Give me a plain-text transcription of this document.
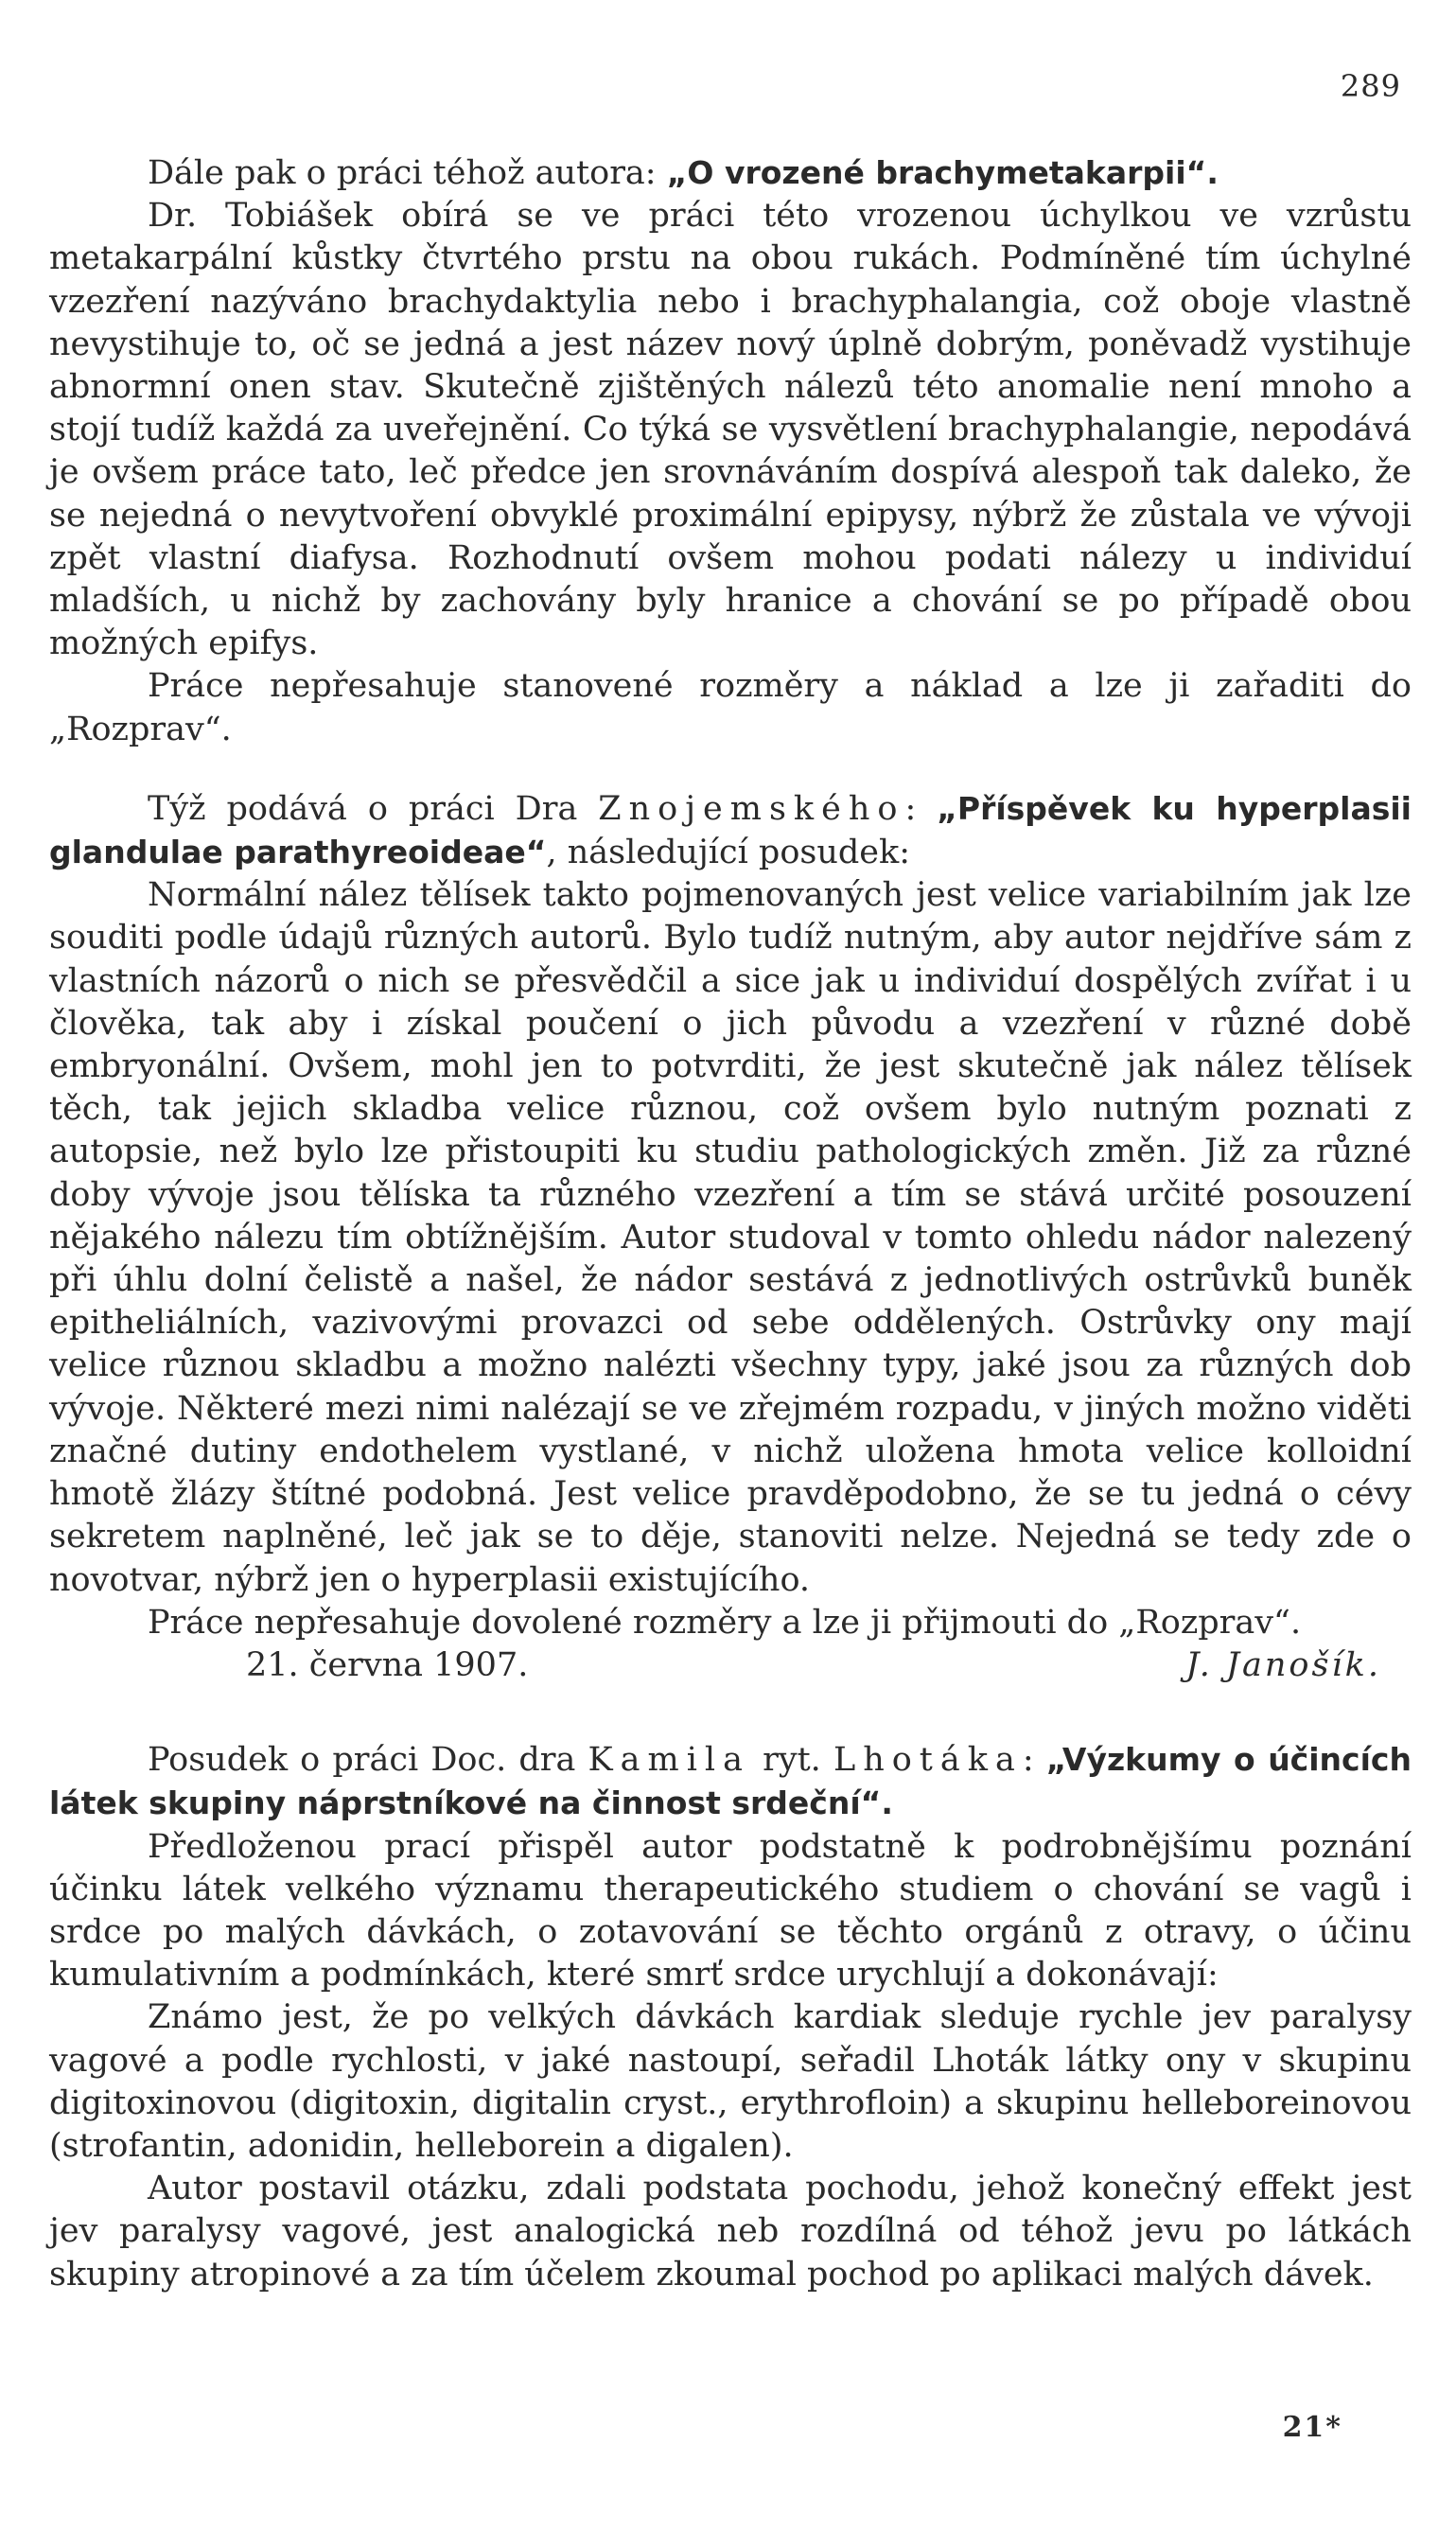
289

Dále pak o práci téhož autora: „O vrozené brachymetakarpii“.

Dr. Tobiášek obírá se ve práci této vrozenou úchylkou ve vzrůstu metakarpální kůstky čtvrtého prstu na obou rukách. Podmíněné tím úchylné vzezření nazýváno brachydaktylia nebo i brachyphalangia, což oboje vlastně nevystihuje to, oč se jedná a jest název nový úplně dobrým, poněvadž vystihuje abnormní onen stav. Skutečně zjištěných nálezů této anomalie není mnoho a stojí tudíž každá za uveřejnění. Co týká se vysvětlení brachyphalangie, nepodává je ovšem práce tato, leč předce jen srovnáváním dospívá alespoň tak daleko, že se nejedná o nevytvoření obvyklé proximální epipysy, nýbrž že zůstala ve vývoji zpět vlastní diafysa. Rozhodnutí ovšem mohou podati nálezy u individuí mladších, u nichž by zachovány byly hranice a chování se po případě obou možných epifys.

Práce nepřesahuje stanovené rozměry a náklad a lze ji zařaditi do „Rozprav“.

Týž podává o práci Dra Znojemského: „Příspěvek ku hyperplasii glandulae parathyreoideae“, následující posudek:

Normální nález tělísek takto pojmenovaných jest velice variabilním jak lze souditi podle údajů různých autorů. Bylo tudíž nutným, aby autor nejdříve sám z vlastních názorů o nich se přesvědčil a sice jak u individuí dospělých zvířat i u člověka, tak aby i získal poučení o jich původu a vzezření v různé době embryonální. Ovšem, mohl jen to potvrditi, že jest skutečně jak nález tělísek těch, tak jejich skladba velice různou, což ovšem bylo nutným poznati z autopsie, než bylo lze přistoupiti ku studiu pathologických změn. Již za různé doby vývoje jsou tělíska ta různého vzezření a tím se stává určité posouzení nějakého nálezu tím obtížnějším. Autor studoval v tomto ohledu nádor nalezený při úhlu dolní čelistě a našel, že nádor sestává z jednotlivých ostrůvků buněk epitheliálních, vazivovými provazci od sebe oddělených. Ostrůvky ony mají velice různou skladbu a možno nalézti všechny typy, jaké jsou za různých dob vývoje. Některé mezi nimi nalézají se ve zřejmém rozpadu, v jiných možno viděti značné dutiny endothelem vystlané, v nichž uložena hmota velice kolloidní hmotě žlázy štítné podobná. Jest velice pravděpodobno, že se tu jedná o cévy sekretem naplněné, leč jak se to děje, stanoviti nelze. Nejedná se tedy zde o novotvar, nýbrž jen o hyperplasii existujícího.

Práce nepřesahuje dovolené rozměry a lze ji přijmouti do „Rozprav“.

21. června 1907.	J. Janošík.

Posudek o práci Doc. dra Kamila ryt. Lhotáka: „Výzkumy o účincích látek skupiny náprstníkové na činnost srdeční“.

Předloženou prací přispěl autor podstatně k podrobnějšímu poznání účinku látek velkého významu therapeutického studiem o chování se vagů i srdce po malých dávkách, o zotavování se těchto orgánů z otravy, o účinu kumulativním a podmínkách, které smrť srdce urychlují a dokonávají:

Známo jest, že po velkých dávkách kardiak sleduje rychle jev paralysy vagové a podle rychlosti, v jaké nastoupí, seřadil Lhoták látky ony v skupinu digitoxinovou (digitoxin, digitalin cryst., erythrofloin) a skupinu helleboreinovou (strofantin, adonidin, helleborein a digalen).

Autor postavil otázku, zdali podstata pochodu, jehož konečný effekt jest jev paralysy vagové, jest analogická neb rozdílná od téhož jevu po látkách skupiny atropinové a za tím účelem zkoumal pochod po aplikaci malých dávek.

21*
